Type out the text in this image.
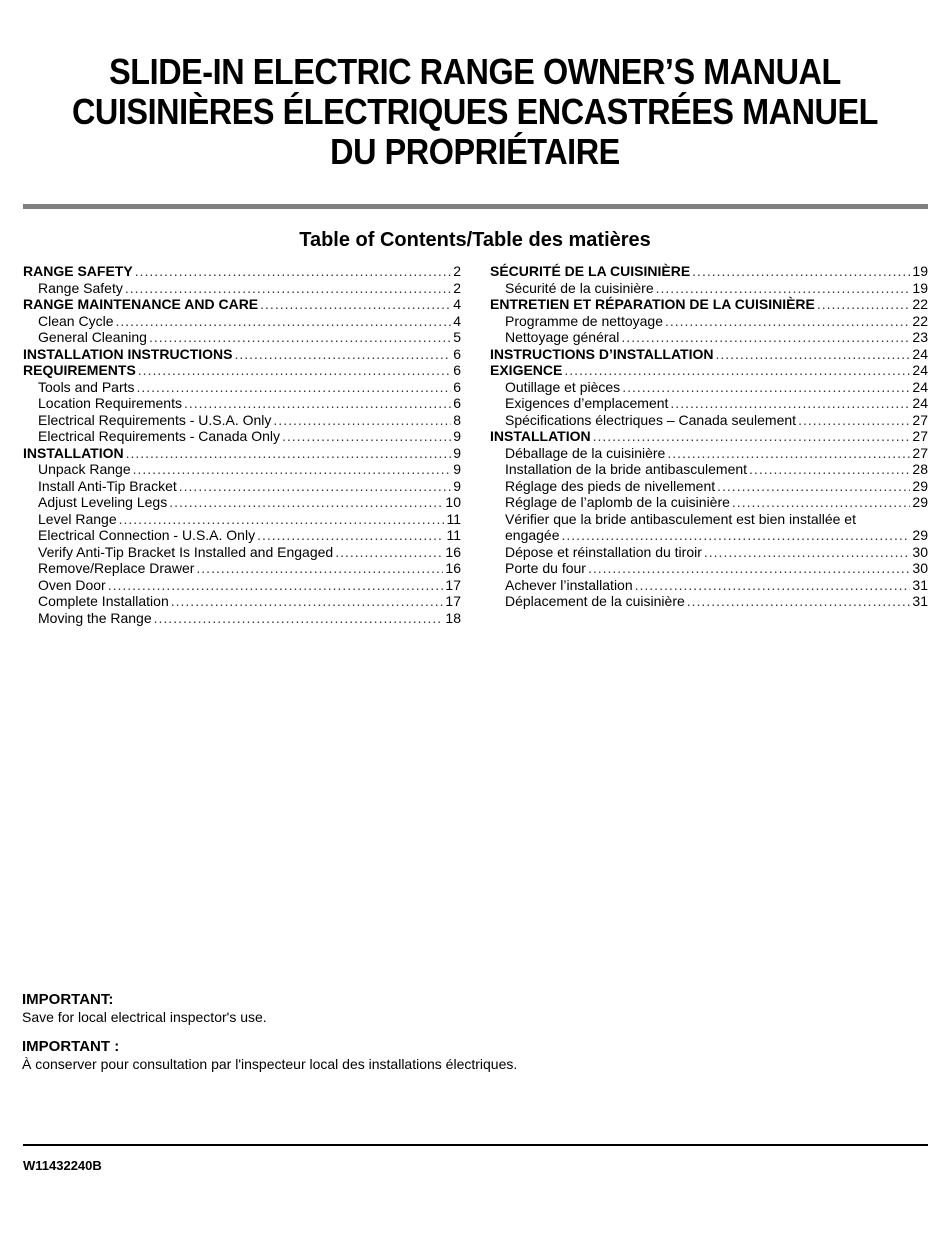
SLIDE-IN ELECTRIC RANGE OWNER’S MANUAL
CUISINIÈRES ÉLECTRIQUES ENCASTRÉES MANUEL
DU PROPRIÉTAIRE
Table of Contents/Table des matières
RANGE SAFETY .....	2
Range Safety .....	2
RANGE MAINTENANCE AND CARE .....	4
Clean Cycle .....	4
General Cleaning .....	5
INSTALLATION INSTRUCTIONS .....	6
REQUIREMENTS .....	6
Tools and Parts .....	6
Location Requirements .....	6
Electrical Requirements - U.S.A. Only .....	8
Electrical Requirements - Canada Only .....	9
INSTALLATION .....	9
Unpack Range .....	9
Install Anti-Tip Bracket .....	9
Adjust Leveling Legs .....	10
Level Range .....	11
Electrical Connection - U.S.A. Only .....	11
Verify Anti-Tip Bracket Is Installed and Engaged .....	16
Remove/Replace Drawer .....	16
Oven Door .....	17
Complete Installation .....	17
Moving the Range .....	18
SÉCURITÉ DE LA CUISINIÈRE .....	19
Sécurité de la cuisinière .....	19
ENTRETIEN ET RÉPARATION DE LA CUISINIÈRE .....	22
Programme de nettoyage .....	22
Nettoyage général .....	23
INSTRUCTIONS D’INSTALLATION .....	24
EXIGENCE .....	24
Outillage et pièces .....	24
Exigences d’emplacement .....	24
Spécifications électriques – Canada seulement .....	27
INSTALLATION .....	27
Déballage de la cuisinière .....	27
Installation de la bride antibasculement .....	28
Réglage des pieds de nivellement .....	29
Réglage de l’aplomb de la cuisinière .....	29
Vérifier que la bride antibasculement est bien installée et
engagée .....	29
Dépose et réinstallation du tiroir .....	30
Porte du four .....	30
Achever l’installation .....	31
Déplacement de la cuisinière .....	31
IMPORTANT:

Save for local electrical inspector's use.

IMPORTANT :

À conserver pour consultation par l'inspecteur local des installations électriques.

W11432240B
